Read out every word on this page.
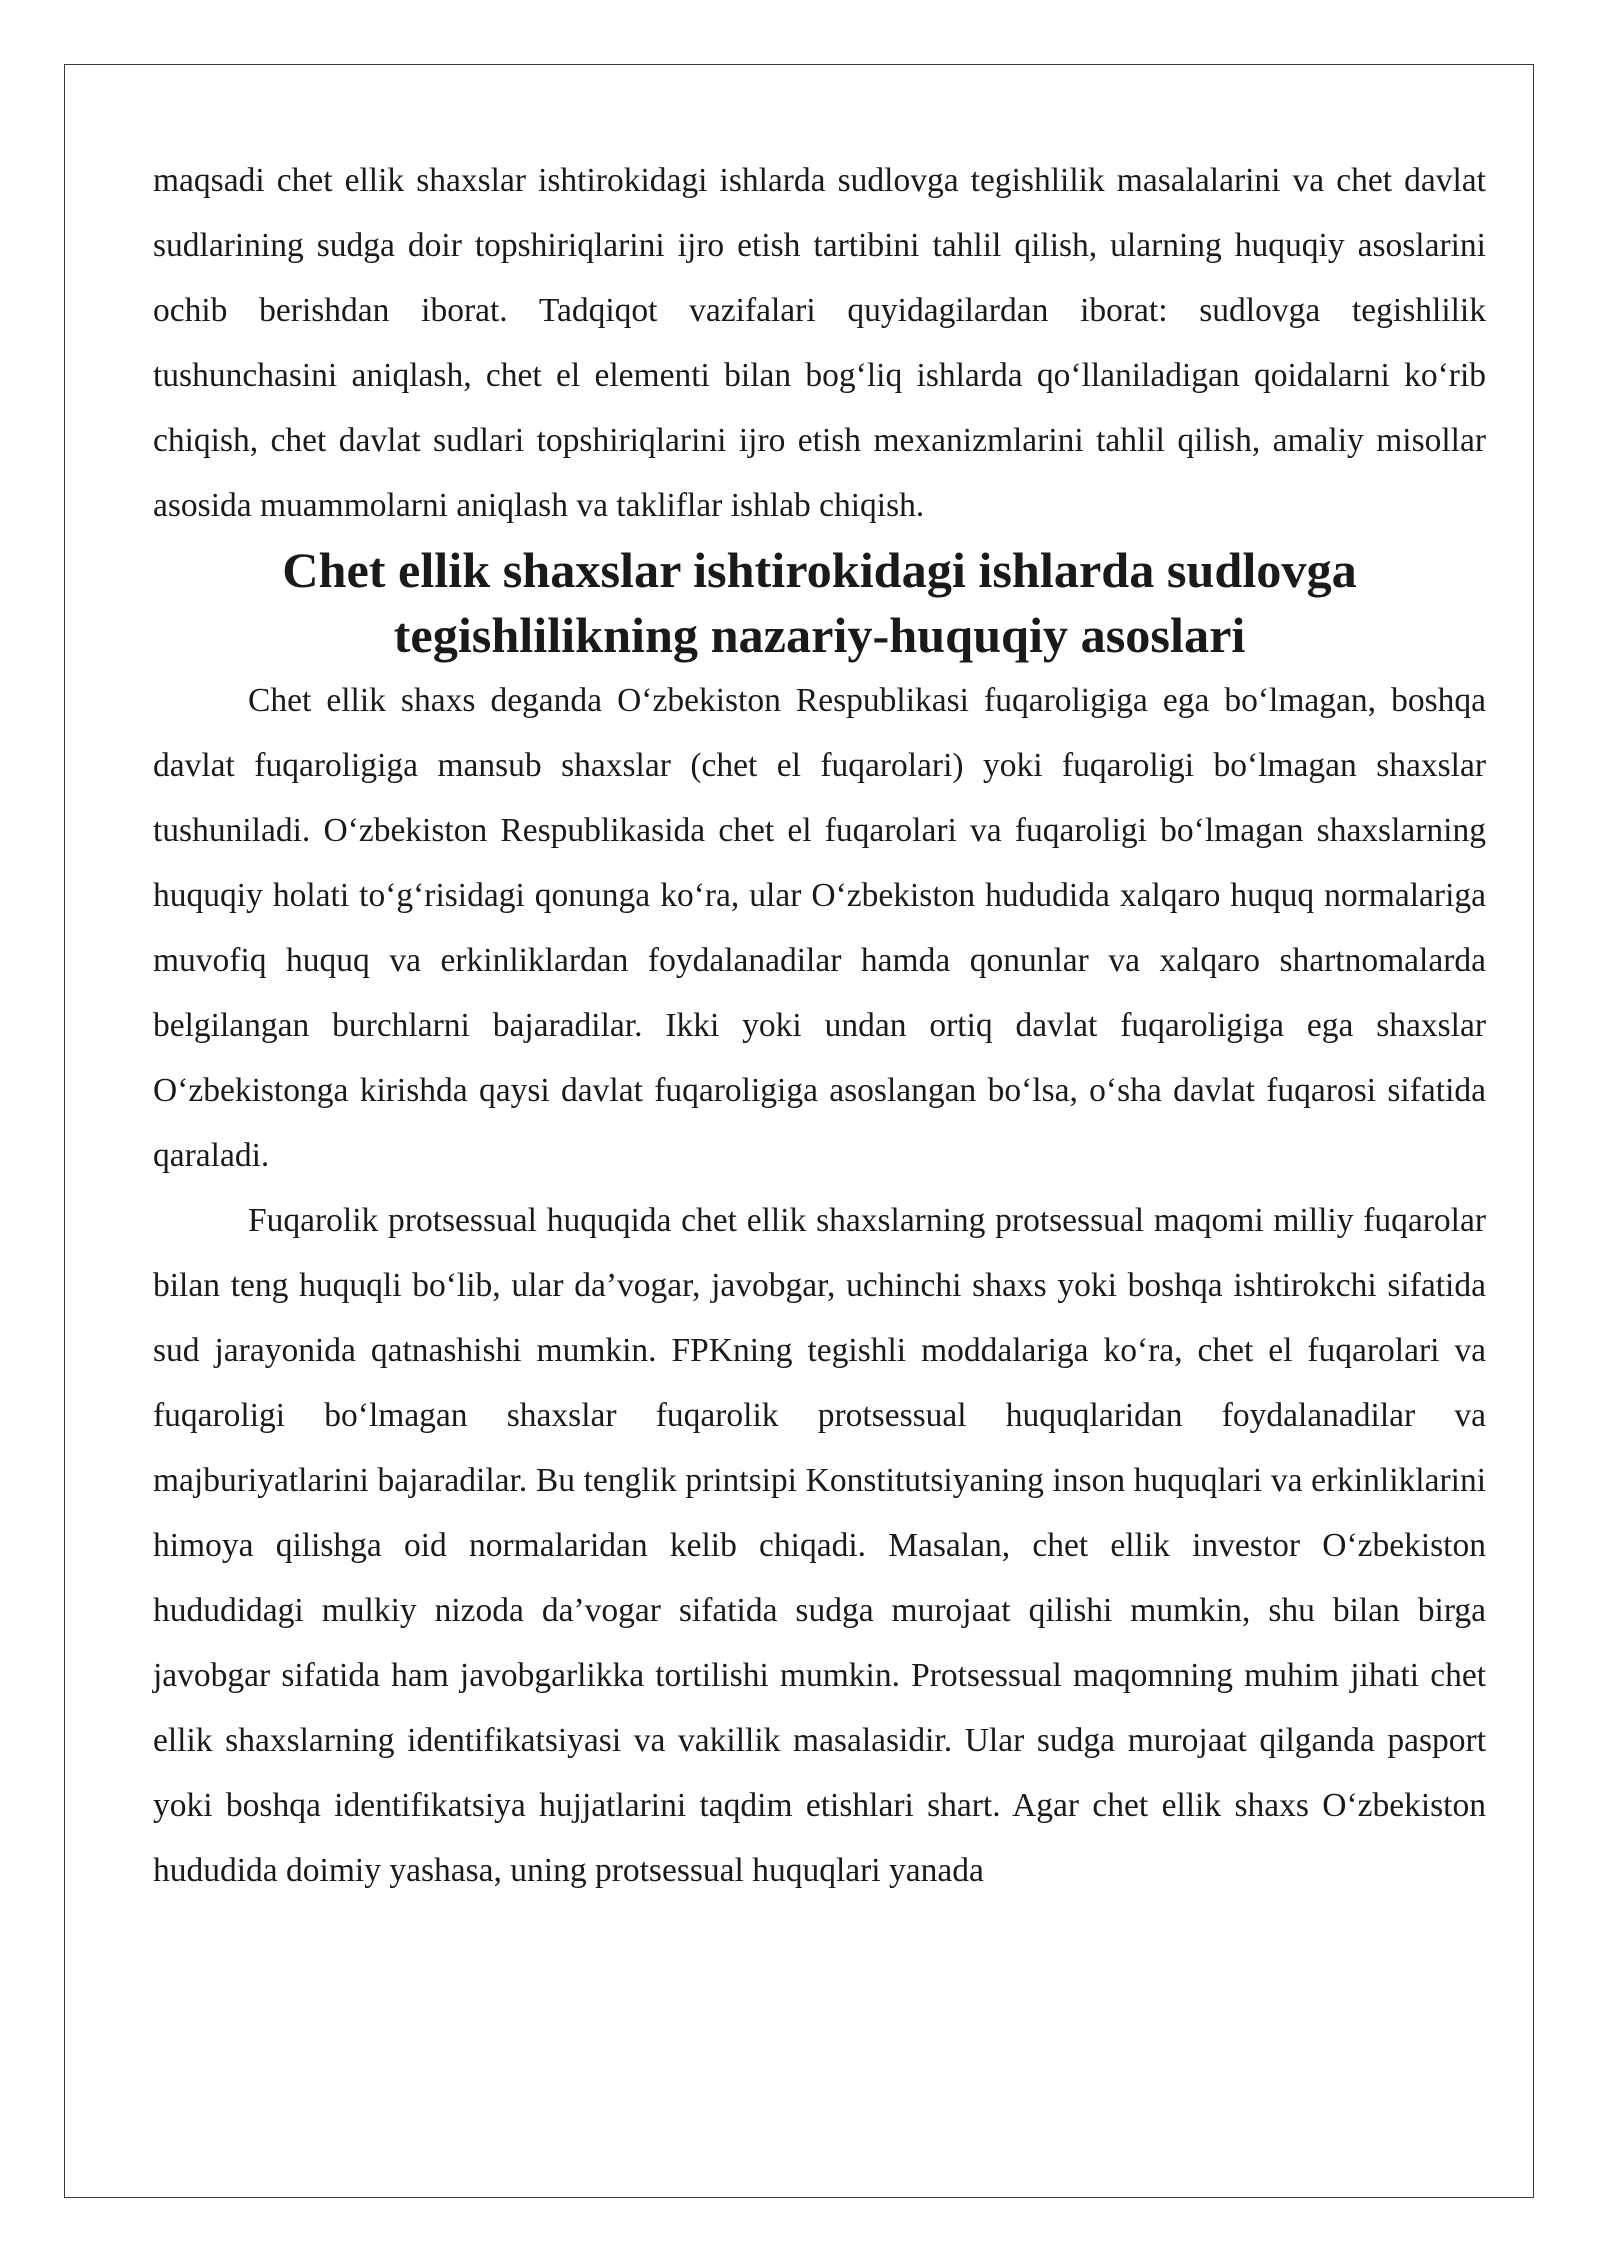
maqsadi chet ellik shaxslar ishtirokidagi ishlarda sudlovga tegishlilik masalalarini va chet davlat sudlarining sudga doir topshiriqlarini ijro etish tartibini tahlil qilish, ularning huquqiy asoslarini ochib berishdan iborat. Tadqiqot vazifalari quyidagilardan iborat: sudlovga tegishlilik tushunchasini aniqlash, chet el elementi bilan bog‘liq ishlarda qo‘llaniladigan qoidalarni ko‘rib chiqish, chet davlat sudlari topshiriqlarini ijro etish mexanizmlarini tahlil qilish, amaliy misollar asosida muammolarni aniqlash va takliflar ishlab chiqish.

Chet ellik shaxslar ishtirokidagi ishlarda sudlovga tegishlilikning nazariy-huquqiy asoslari

Chet ellik shaxs deganda O‘zbekiston Respublikasi fuqaroligiga ega bo‘lmagan, boshqa davlat fuqaroligiga mansub shaxslar (chet el fuqarolari) yoki fuqaroligi bo‘lmagan shaxslar tushuniladi. O‘zbekiston Respublikasida chet el fuqarolari va fuqaroligi bo‘lmagan shaxslarning huquqiy holati to‘g‘risidagi qonunga ko‘ra, ular O‘zbekiston hududida xalqaro huquq normalariga muvofiq huquq va erkinliklardan foydalanadilar hamda qonunlar va xalqaro shartnomalarda belgilangan burchlarni bajaradilar. Ikki yoki undan ortiq davlat fuqaroligiga ega shaxslar O‘zbekistonga kirishda qaysi davlat fuqaroligiga asoslangan bo‘lsa, o‘sha davlat fuqarosi sifatida qaraladi.

Fuqarolik protsessual huquqida chet ellik shaxslarning protsessual maqomi milliy fuqarolar bilan teng huquqli bo‘lib, ular da’vogar, javobgar, uchinchi shaxs yoki boshqa ishtirokchi sifatida sud jarayonida qatnashishi mumkin. FPKning tegishli moddalariga ko‘ra, chet el fuqarolari va fuqaroligi bo‘lmagan shaxslar fuqarolik protsessual huquqlaridan foydalanadilar va majburiyatlarini bajaradilar. Bu tenglik printsipi Konstitutsiyaning inson huquqlari va erkinliklarini himoya qilishga oid normalaridan kelib chiqadi. Masalan, chet ellik investor O‘zbekiston hududidagi mulkiy nizoda da’vogar sifatida sudga murojaat qilishi mumkin, shu bilan birga javobgar sifatida ham javobgarlikka tortilishi mumkin. Protsessual maqomning muhim jihati chet ellik shaxslarning identifikatsiyasi va vakillik masalasidir. Ular sudga murojaat qilganda pasport yoki boshqa identifikatsiya hujjatlarini taqdim etishlari shart. Agar chet ellik shaxs O‘zbekiston hududida doimiy yashasa, uning protsessual huquqlari yanada
